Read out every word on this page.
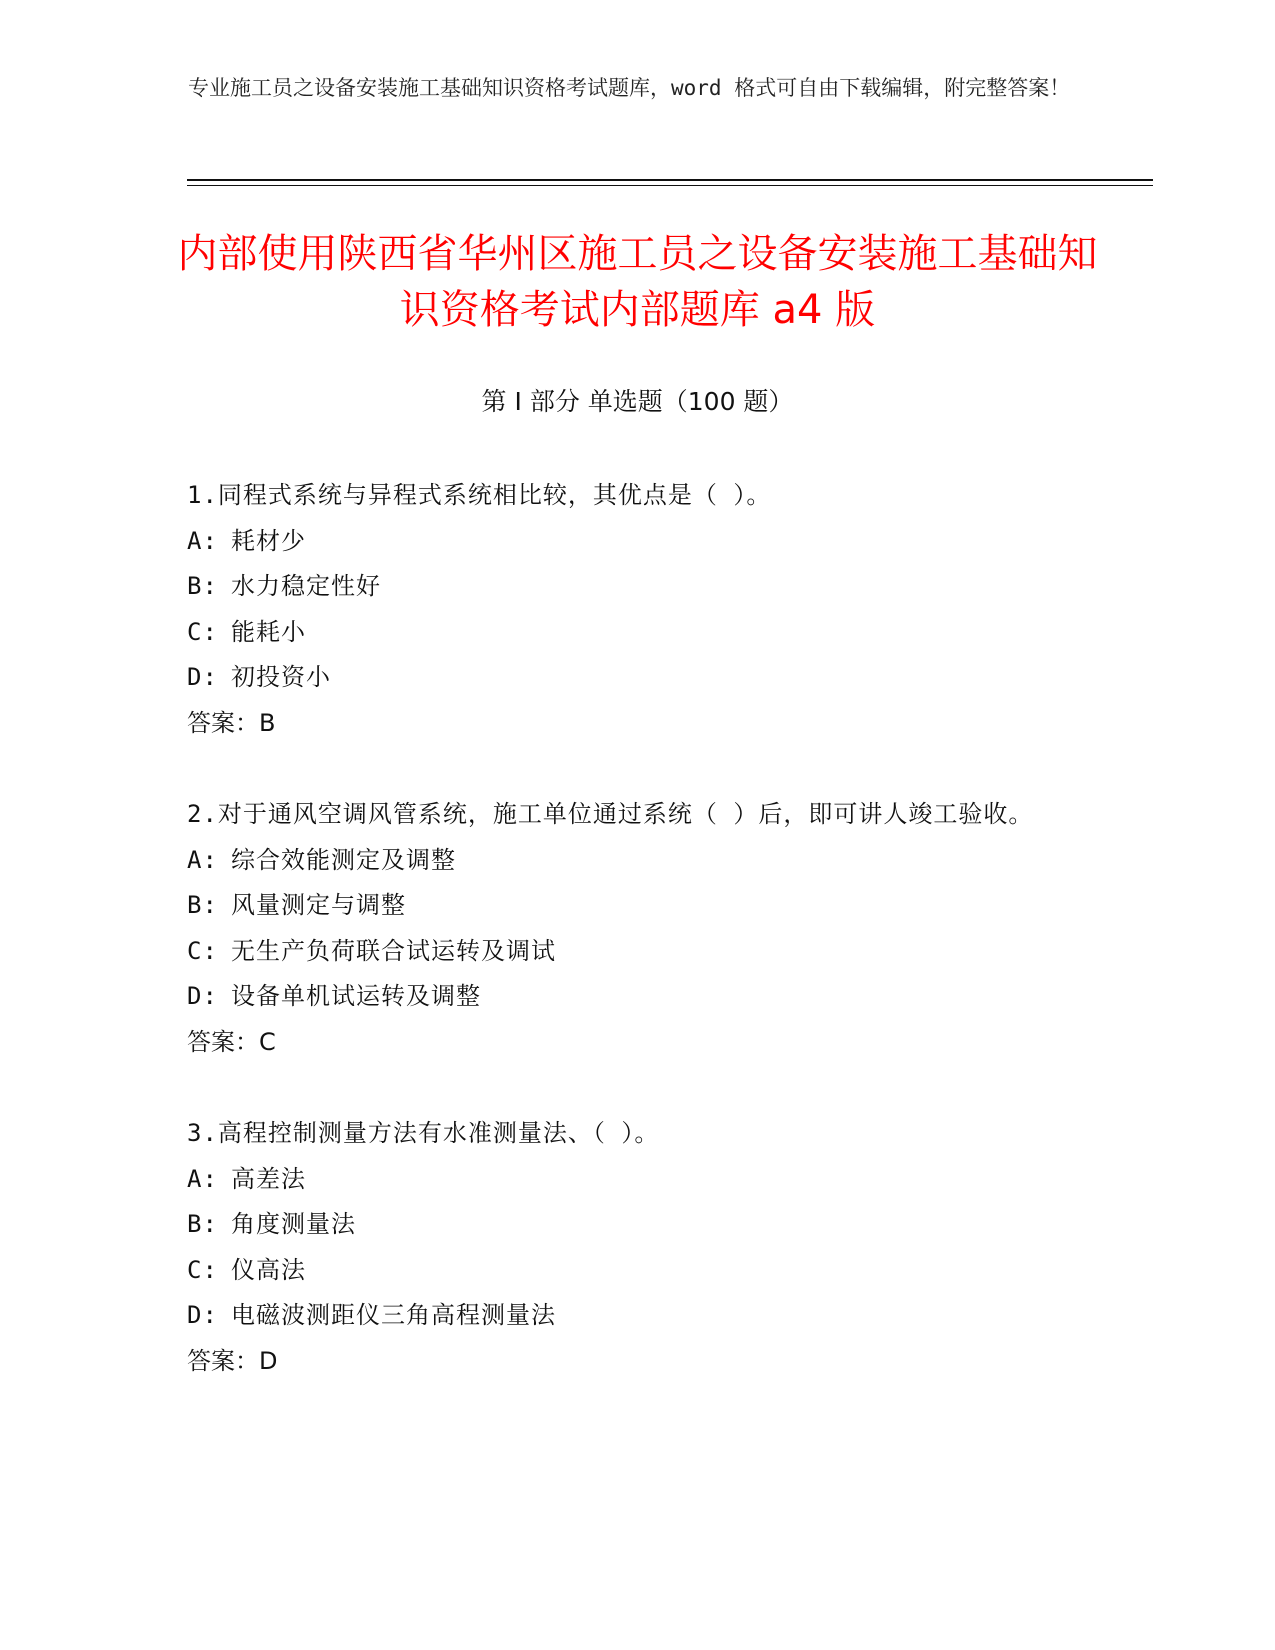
专业施工员之设备安装施工基础知识资格考试题库，word 格式可自由下载编辑，附完整答案！
内部使用陕西省华州区施工员之设备安装施工基础知识资格考试内部题库 a4 版
第 I 部分 单选题（100 题）
1.同程式系统与异程式系统相比较，其优点是（ ）。
A: 耗材少
B: 水力稳定性好
C: 能耗小
D: 初投资小
答案：B
2.对于通风空调风管系统，施工单位通过系统（ ）后，即可讲人竣工验收。
A: 综合效能测定及调整
B: 风量测定与调整
C: 无生产负荷联合试运转及调试
D: 设备单机试运转及调整
答案：C
3.高程控制测量方法有水准测量法、（ ）。
A: 高差法
B: 角度测量法
C: 仪高法
D: 电磁波测距仪三角高程测量法
答案：D
